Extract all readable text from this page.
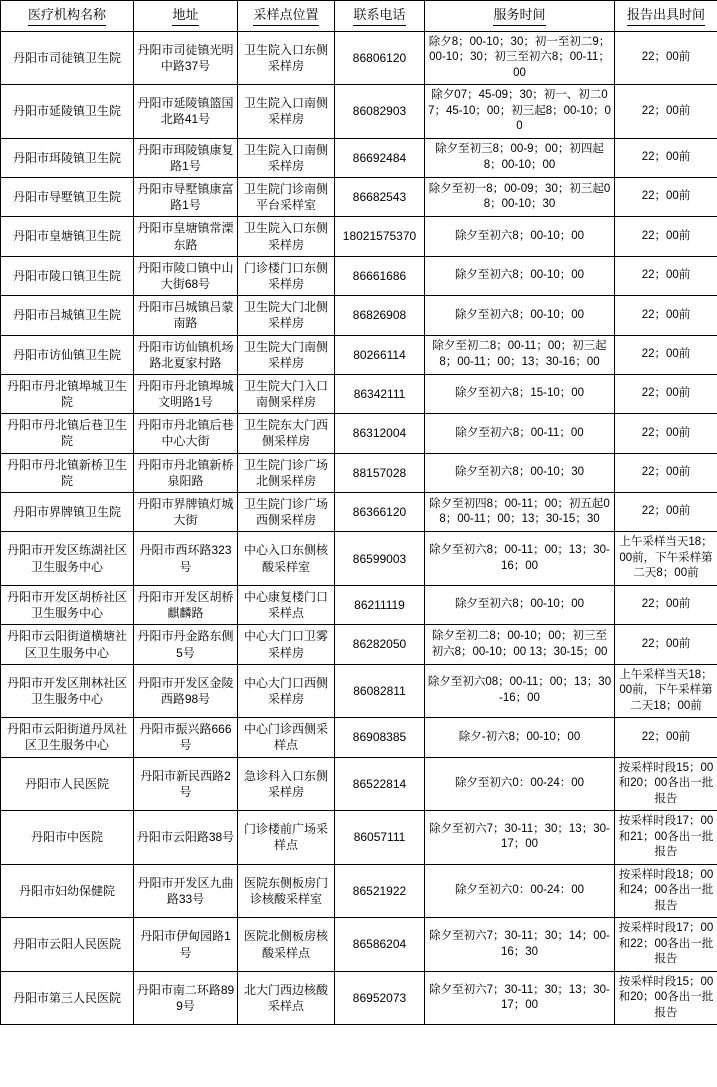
医疗机构名称	地址	采样点位置	联系电话	服务时间	报告出具时间
丹阳市司徒镇卫生院	丹阳市司徒镇光明中路37号	卫生院入口东侧采样房	86806120	除夕8；00-10；30；初一至初二9；00-10；30；初三至初六8；00-11；00	22；00前
丹阳市延陵镇卫生院	丹阳市延陵镇篮国北路41号	卫生院入口南侧采样房	86082903	除夕07；45-09；30；初一、初二07；45-10；00；初三起8；00-10；00	22；00前
丹阳市珥陵镇卫生院	丹阳市珥陵镇康复路1号	卫生院入口南侧采样房	86692484	除夕至初三8；00-9；00；初四起8；00-10；00	22；00前
丹阳市导墅镇卫生院	丹阳市导墅镇康富路1号	卫生院门诊南侧平台采样室	86682543	除夕至初一8；00-09；30；初三起08；00-10；30	22；00前
丹阳市皇塘镇卫生院	丹阳市皇塘镇常溧东路	卫生院入口东侧采样房	18021575370	除夕至初六8；00-10；00	22；00前
丹阳市陵口镇卫生院	丹阳市陵口镇中山大街68号	门诊楼门口东侧采样房	86661686	除夕至初六8；00-10；00	22；00前
丹阳市吕城镇卫生院	丹阳市吕城镇吕蒙南路	卫生院大门北侧采样房	86826908	除夕至初六8；00-10；00	22；00前
丹阳市访仙镇卫生院	丹阳市访仙镇机场路北夏家村路	卫生院大门南侧采样房	80266114	除夕至初二8；00-11；00；初三起8；00-11；00；13；30-16；00	22；00前
丹阳市丹北镇埠城卫生院	丹阳市丹北镇埠城文明路1号	卫生院大门入口南侧采样房	86342111	除夕至初六8；15-10；00	22；00前
丹阳市丹北镇后巷卫生院	丹阳市丹北镇后巷中心大街	卫生院东大门西侧采样房	86312004	除夕至初六8；00-11；00	22；00前
丹阳市丹北镇新桥卫生院	丹阳市丹北镇新桥泉阳路	卫生院门诊广场北侧采样房	88157028	除夕至初六8；00-10；30	22；00前
丹阳市界牌镇卫生院	丹阳市界牌镇灯城大街	卫生院门诊广场西侧采样房	86366120	除夕至初四8；00-11；00；初五起08；00-11；00；13；30-15；30	22；00前
丹阳市开发区练湖社区卫生服务中心	丹阳市西环路323号	中心入口东侧核酸采样室	86599003	除夕至初六8；00-11；00；13；30-16；00	上午采样当天18；00前，下午采样第二天8；00前
丹阳市开发区胡桥社区卫生服务中心	丹阳市开发区胡桥麒麟路	中心康复楼门口采样点	86211119	除夕至初六8；00-10；00	22；00前
丹阳市云阳街道横塘社区卫生服务中心	丹阳市丹金路东侧5号	中心大门口卫雾采样房	86282050	除夕至初二8；00-10；00；初三至初六8；00-10；00 13；30-15；00	22；00前
丹阳市开发区荆林社区卫生服务中心	丹阳市开发区金陵西路98号	中心大门口西侧采样房	86082811	除夕至初六08；00-11；00；13；30-16；00	上午采样当天18；00前，下午采样第二天18；00前
丹阳市云阳街道丹凤社区卫生服务中心	丹阳市振兴路666号	中心门诊西侧采样点	86908385	除夕-初六8；00-10；00	22；00前
丹阳市人民医院	丹阳市新民西路2号	急诊科入口东侧采样房	86522814	除夕至初六0：00-24：00	按采样时段15；00和20；00各出一批报告
丹阳市中医院	丹阳市云阳路38号	门诊楼前广场采样点	86057111	除夕至初六7；30-11；30；13；30-17；00	按采样时段17；00和21；00各出一批报告
丹阳市妇幼保健院	丹阳市开发区九曲路33号	医院东侧板房门诊核酸采样室	86521922	除夕至初六0：00-24：00	按采样时段18；00和24；00各出一批报告
丹阳市云阳人民医院	丹阳市伊甸园路1号	医院北侧板房核酸采样点	86586204	除夕至初六7；30-11；30；14；00-16；30	按采样时段17；00和22；00各出一批报告
丹阳市第三人民医院	丹阳市南二环路899号	北大门西边核酸采样点	86952073	除夕至初六7；30-11；30；13；30-17；00	按采样时段15；00和20；00各出一批报告
